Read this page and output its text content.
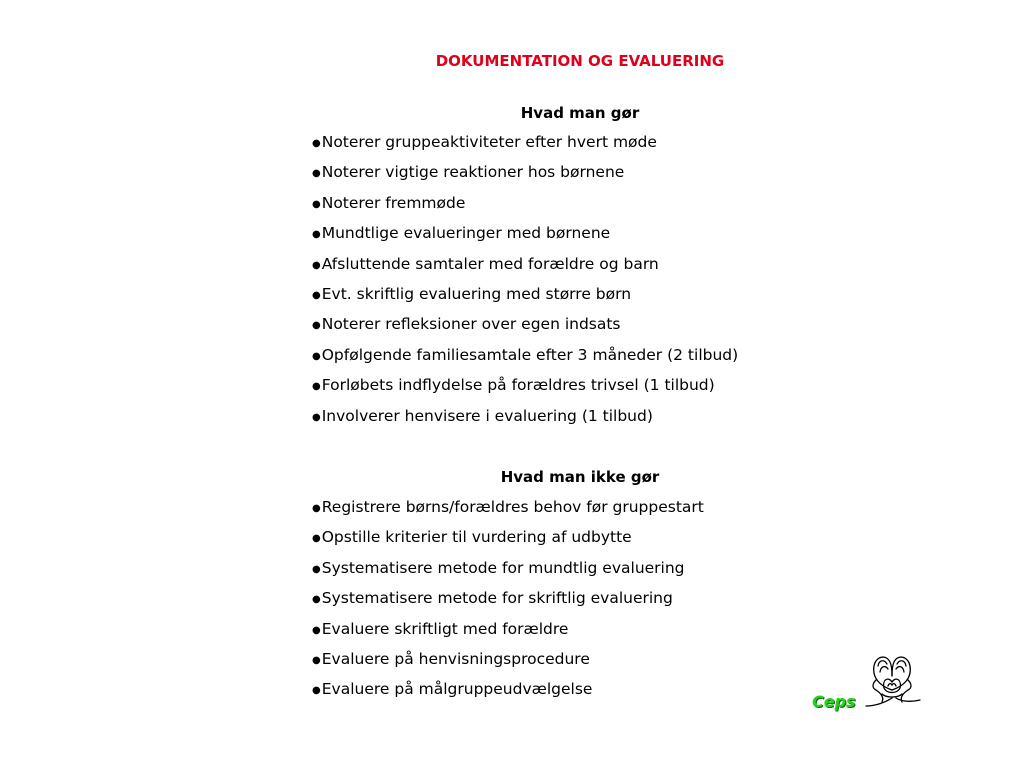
DOKUMENTATION OG EVALUERING
Hvad man gør
●Noterer gruppeaktiviteter efter hvert møde
●Noterer vigtige reaktioner hos børnene
●Noterer fremmøde
●Mundtlige evalueringer med børnene
●Afsluttende samtaler med forældre og barn
●Evt. skriftlig evaluering med større børn
●Noterer refleksioner over egen indsats
●Opfølgende familiesamtale efter 3 måneder (2 tilbud)
●Forløbets indflydelse på forældres trivsel (1 tilbud)
●Involverer henvisere i evaluering (1 tilbud)
Hvad man ikke gør
●Registrere børns/forældres behov før gruppestart
●Opstille kriterier til vurdering af udbytte
●Systematisere metode for mundtlig evaluering
●Systematisere metode for skriftlig evaluering
●Evaluere skriftligt med forældre
●Evaluere på henvisningsprocedure
●Evaluere på målgruppeudvælgelse
Ceps
